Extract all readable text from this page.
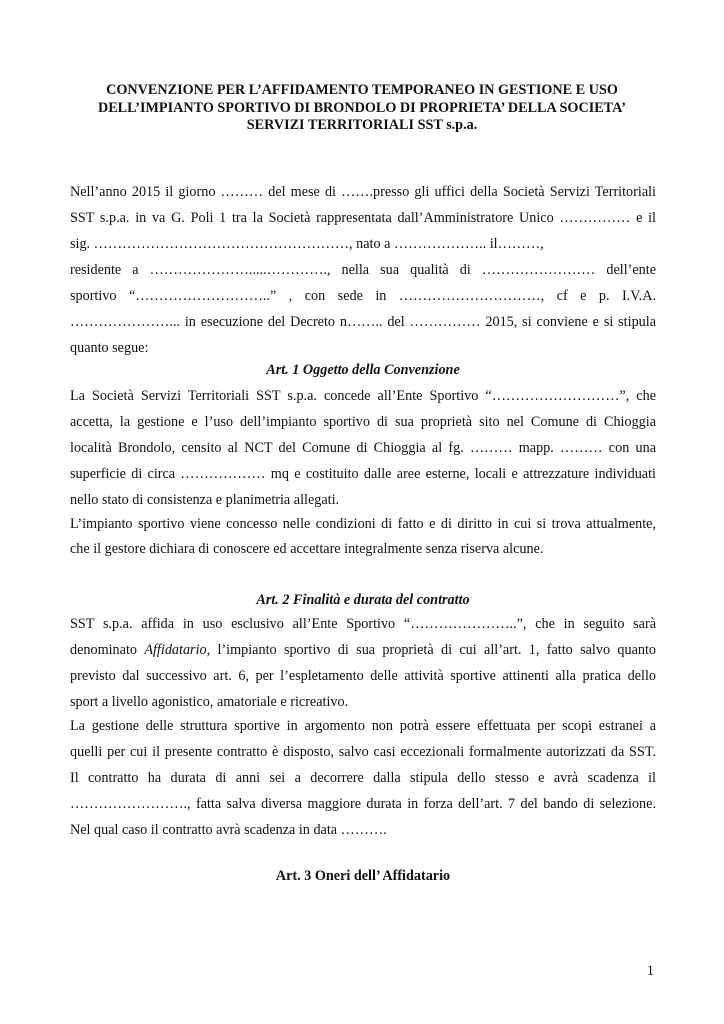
CONVENZIONE PER L’AFFIDAMENTO TEMPORANEO IN GESTIONE E USO
DELL’IMPIANTO SPORTIVO DI BRONDOLO DI PROPRIETA’ DELLA SOCIETA’
SERVIZI TERRITORIALI SST s.p.a.
Nell’anno 2015 il giorno ……… del mese di …….presso gli uffici della Società Servizi Territoriali
SST s.p.a. in va G. Poli 1 tra la Società rappresentata dall’Amministratore Unico …………… e il
sig. ………………………………………………, nato a ……………….. il………,
residente a ………………….....…………., nella sua qualità di …………………… dell’ente
sportivo “………………………..” , con sede in …………………………, cf e p. I.V.A.
…………………... in esecuzione del Decreto n…….. del …………… 2015, si conviene e si stipula
quanto segue:
Art. 1 Oggetto della Convenzione
La Società Servizi Territoriali SST s.p.a. concede all’Ente Sportivo “………………………”, che
accetta, la gestione e l’uso dell’impianto sportivo di sua proprietà sito nel Comune di Chioggia
località Brondolo, censito al NCT del Comune di Chioggia al fg. ……… mapp. ……… con una
superficie di circa ……………… mq e costituito dalle aree esterne, locali e attrezzature individuati
nello stato di consistenza e planimetria allegati.
L’impianto sportivo viene concesso nelle condizioni di fatto e di diritto in cui si trova attualmente,
che il gestore dichiara di conoscere ed accettare integralmente senza riserva alcune.
Art. 2 Finalità e durata del contratto
SST s.p.a. affida in uso esclusivo all’Ente Sportivo “…………………..”, che in seguito sarà
denominato Affidatario, l’impianto sportivo di sua proprietà di cui all’art. 1, fatto salvo quanto
previsto dal successivo art. 6, per l’espletamento delle attività sportive attinenti alla pratica dello
sport a livello agonistico, amatoriale e ricreativo.
La gestione delle struttura sportive in argomento non potrà essere effettuata per scopi estranei a
quelli per cui il presente contratto è disposto, salvo casi eccezionali formalmente autorizzati da SST.
Il contratto ha durata di anni sei a decorrere dalla stipula dello stesso e avrà scadenza il
……………………., fatta salva diversa maggiore durata in forza dell’art. 7 del bando di selezione.
Nel qual caso il contratto avrà scadenza in data ……….
Art. 3 Oneri dell’ Affidatario
1
